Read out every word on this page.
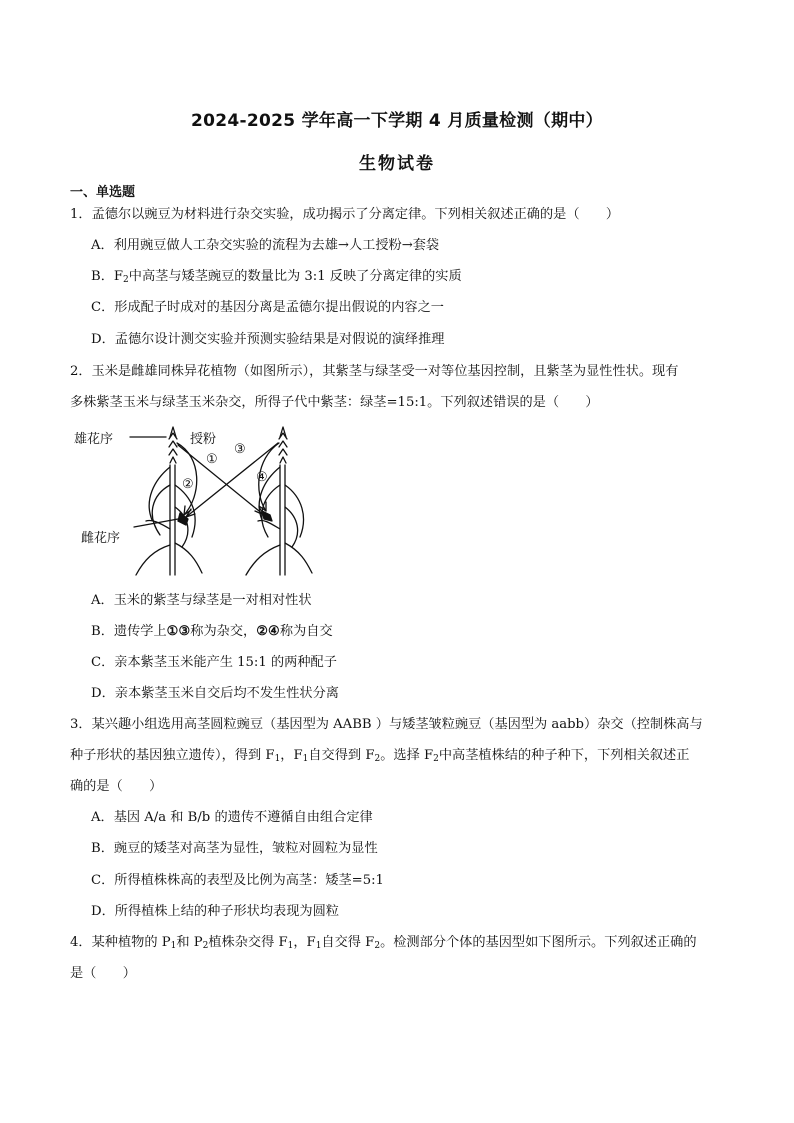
2024-2025 学年高一下学期 4 月质量检测（期中）
生物试卷
一、单选题
1．孟德尔以豌豆为材料进行杂交实验，成功揭示了分离定律。下列相关叙述正确的是（　　）
A．利用豌豆做人工杂交实验的流程为去雄→人工授粉→套袋
B．$F_2$中高茎与矮茎豌豆的数量比为 3:1 反映了分离定律的实质
C．形成配子时成对的基因分离是孟德尔提出假说的内容之一
D．孟德尔设计测交实验并预测实验结果是对假说的演绎推理
2．玉米是雌雄同株异花植物（如图所示），其紫茎与绿茎受一对等位基因控制，且紫茎为显性性状。现有
多株紫茎玉米与绿茎玉米杂交，所得子代中紫茎：绿茎=15:1。下列叙述错误的是（　　）
雄花序
雌花序
授粉
①
②
③
④
A．玉米的紫茎与绿茎是一对相对性状
B．遗传学上①③称为杂交，②④称为自交
C．亲本紫茎玉米能产生 15:1 的两种配子
D．亲本紫茎玉米自交后均不发生性状分离
3．某兴趣小组选用高茎圆粒豌豆（基因型为 AABB ）与矮茎皱粒豌豆（基因型为 aabb）杂交（控制株高与
种子形状的基因独立遗传），得到 $F_1$，$F_1$自交得到 $F_2$。选择 $F_2$中高茎植株结的种子种下，下列相关叙述正
确的是（　　）
A．基因 A/a 和 B/b 的遗传不遵循自由组合定律
B．豌豆的矮茎对高茎为显性，皱粒对圆粒为显性
C．所得植株株高的表型及比例为高茎：矮茎=5:1
D．所得植株上结的种子形状均表现为圆粒
4．某种植物的 $P_1$和 $P_2$植株杂交得 $F_1$，$F_1$自交得 $F_2$。检测部分个体的基因型如下图所示。下列叙述正确的
是（　　）
